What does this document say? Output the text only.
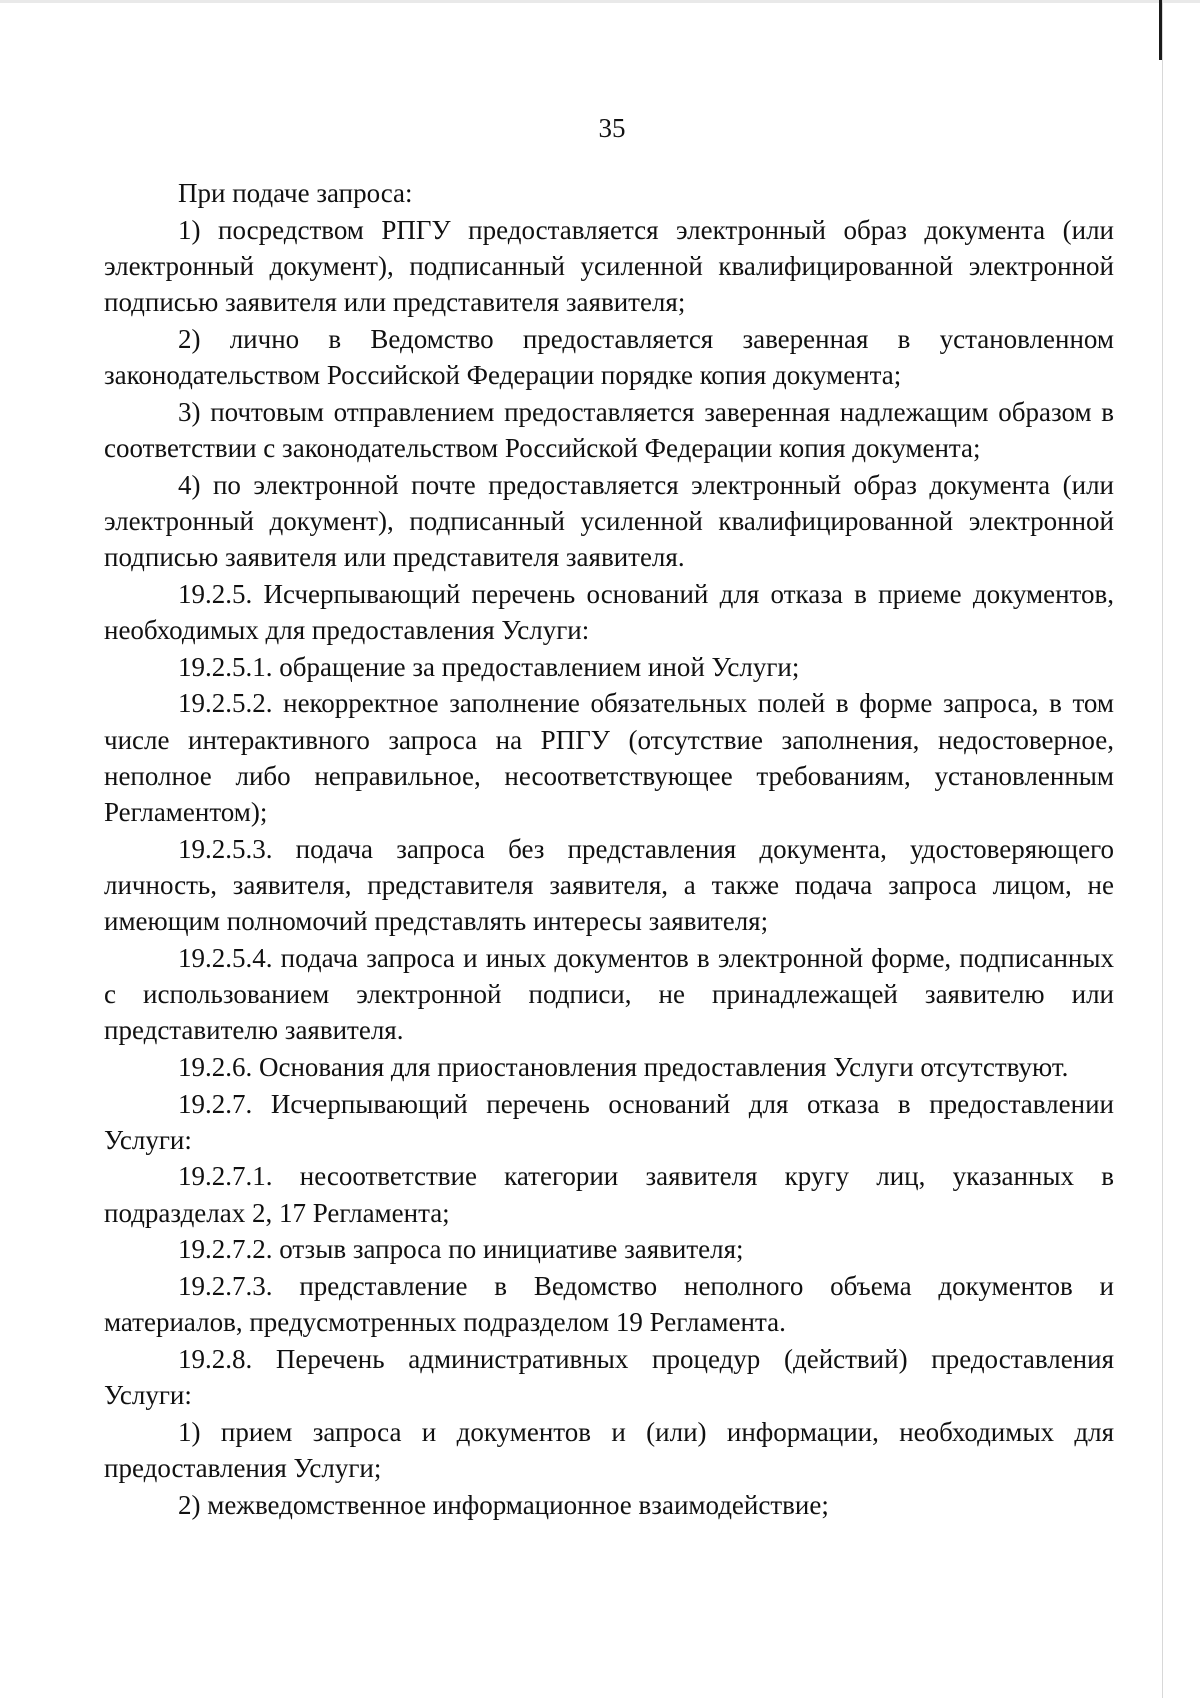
35

При подаче запроса:

1) посредством РПГУ предоставляется электронный образ документа (или электронный документ), подписанный усиленной квалифицированной электронной подписью заявителя или представителя заявителя;

2) лично в Ведомство предоставляется заверенная в установленном законодательством Российской Федерации порядке копия документа;

3) почтовым отправлением предоставляется заверенная надлежащим образом в соответствии с законодательством Российской Федерации копия документа;

4) по электронной почте предоставляется электронный образ документа (или электронный документ), подписанный усиленной квалифицированной электронной подписью заявителя или представителя заявителя.

19.2.5. Исчерпывающий перечень оснований для отказа в приеме документов, необходимых для предоставления Услуги:

19.2.5.1. обращение за предоставлением иной Услуги;

19.2.5.2. некорректное заполнение обязательных полей в форме запроса, в том числе интерактивного запроса на РПГУ (отсутствие заполнения, недостоверное, неполное либо неправильное, несоответствующее требованиям, установленным Регламентом);

19.2.5.3. подача запроса без представления документа, удостоверяющего личность, заявителя, представителя заявителя, а также подача запроса лицом, не имеющим полномочий представлять интересы заявителя;

19.2.5.4. подача запроса и иных документов в электронной форме, подписанных с использованием электронной подписи, не принадлежащей заявителю или представителю заявителя.

19.2.6. Основания для приостановления предоставления Услуги отсутствуют.

19.2.7. Исчерпывающий перечень оснований для отказа в предоставлении Услуги:

19.2.7.1. несоответствие категории заявителя кругу лиц, указанных в подразделах 2, 17 Регламента;

19.2.7.2. отзыв запроса по инициативе заявителя;

19.2.7.3. представление в Ведомство неполного объема документов и материалов, предусмотренных подразделом 19 Регламента.

19.2.8. Перечень административных процедур (действий) предоставления Услуги:

1) прием запроса и документов и (или) информации, необходимых для предоставления Услуги;

2) межведомственное информационное взаимодействие;
